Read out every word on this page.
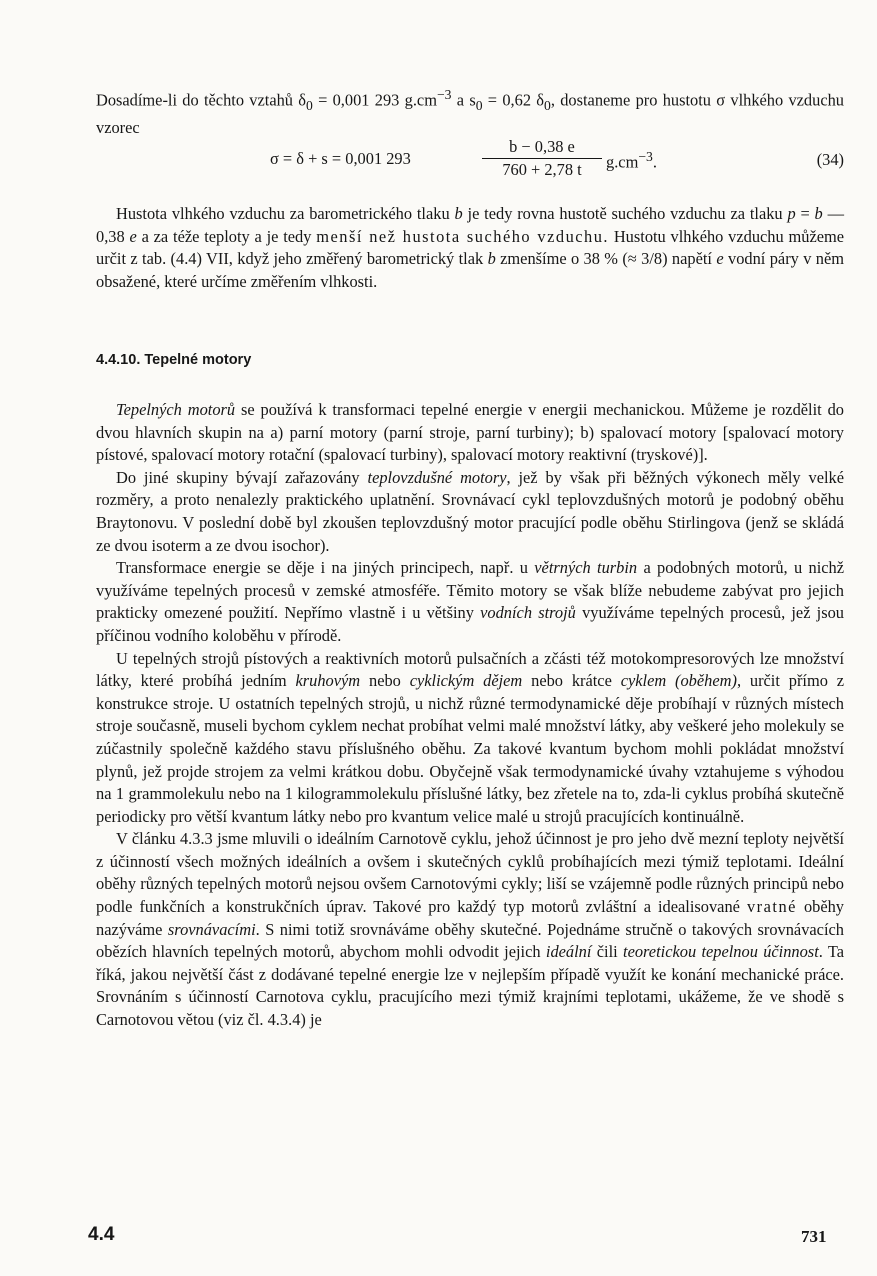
Dosadíme-li do těchto vztahů $\delta_0 = 0,001$ 293 $g.cm^{-3}$ a $s_0 = 0,62$ $\delta_0$, dostaneme pro hustotu σ vlhkého vzduchu vzorec

σ = δ + s = 0,001 293	$\frac{b - 0,38 e}{760 + 2,78 t} g.cm^{-3}$.	(34)

Hustota vlhkého vzduchu za barometrického tlaku b je tedy rovna hustotě suchého vzduchu za tlaku p = b — 0,38 e a za téže teploty a je tedy menší než hustota suchého vzduchu. Hustotu vlhkého vzduchu můžeme určit z tab. (4.4) VII, když jeho změřený barometrický tlak b zmenšíme o 38 % (≈ 3/8) napětí e vodní páry v něm obsažené, které určíme změřením vlhkosti.

4.4.10. Tepelné motory

Tepelných motorů se používá k transformaci tepelné energie v energii mechanickou. Můžeme je rozdělit do dvou hlavních skupin na a) parní motory (parní stroje, parní turbiny); b) spalovací motory [spalovací motory pístové, spalovací motory rotační (spalovací turbiny), spalovací motory reaktivní (tryskové)].

Do jiné skupiny bývají zařazovány teplovzdušné motory, jež by však při běžných výkonech měly velké rozměry, a proto nenalezly praktického uplatnění. Srovnávací cykl teplovzdušných motorů je podobný oběhu Braytonovu. V poslední době byl zkoušen teplovzdušný motor pracující podle oběhu Stirlingova (jenž se skládá ze dvou isoterm a ze dvou isochor).

Transformace energie se děje i na jiných principech, např. u větrných turbin a podobných motorů, u nichž využíváme tepelných procesů v zemské atmosféře. Těmito motory se však blíže nebudeme zabývat pro jejich prakticky omezené použití. Nepřímo vlastně i u většiny vodních strojů využíváme tepelných procesů, jež jsou příčinou vodního koloběhu v přírodě.

U tepelných strojů pístových a reaktivních motorů pulsačních a zčásti též motokompresorových lze množství látky, které probíhá jedním kruhovým nebo cyklickým dějem nebo krátce cyklem (oběhem), určit přímo z konstrukce stroje. U ostatních tepelných strojů, u nichž různé termodynamické děje probíhají v různých místech stroje současně, museli bychom cyklem nechat probíhat velmi malé množství látky, aby veškeré jeho molekuly se zúčastnily společně každého stavu příslušného oběhu. Za takové kvantum bychom mohli pokládat množství plynů, jež projde strojem za velmi krátkou dobu. Obyčejně však termodynamické úvahy vztahujeme s výhodou na 1 grammolekulu nebo na 1 kilogrammolekulu příslušné látky, bez zřetele na to, zda-li cyklus probíhá skutečně periodicky pro větší kvantum látky nebo pro kvantum velice malé u strojů pracujících kontinuálně.

V článku 4.3.3 jsme mluvili o ideálním Carnotově cyklu, jehož účinnost je pro jeho dvě mezní teploty největší z účinností všech možných ideálních a ovšem i skutečných cyklů probíhajících mezi týmiž teplotami. Ideální oběhy různých tepelných motorů nejsou ovšem Carnotovými cykly; liší se vzájemně podle různých principů nebo podle funkčních a konstrukčních úprav. Takové pro každý typ motorů zvláštní a idealisované vratné oběhy nazýváme srovnávacími. S nimi totiž srovnáváme oběhy skutečné. Pojednáme stručně o takových srovnávacích obězích hlavních tepelných motorů, abychom mohli odvodit jejich ideální čili teoretickou tepelnou účinnost. Ta říká, jakou největší část z dodávané tepelné energie lze v nejlepším případě využít ke konání mechanické práce. Srovnáním s účinností Carnotova cyklu, pracujícího mezi týmiž krajními teplotami, ukážeme, že ve shodě s Carnotovou větou (viz čl. 4.3.4) je

4.4	731
